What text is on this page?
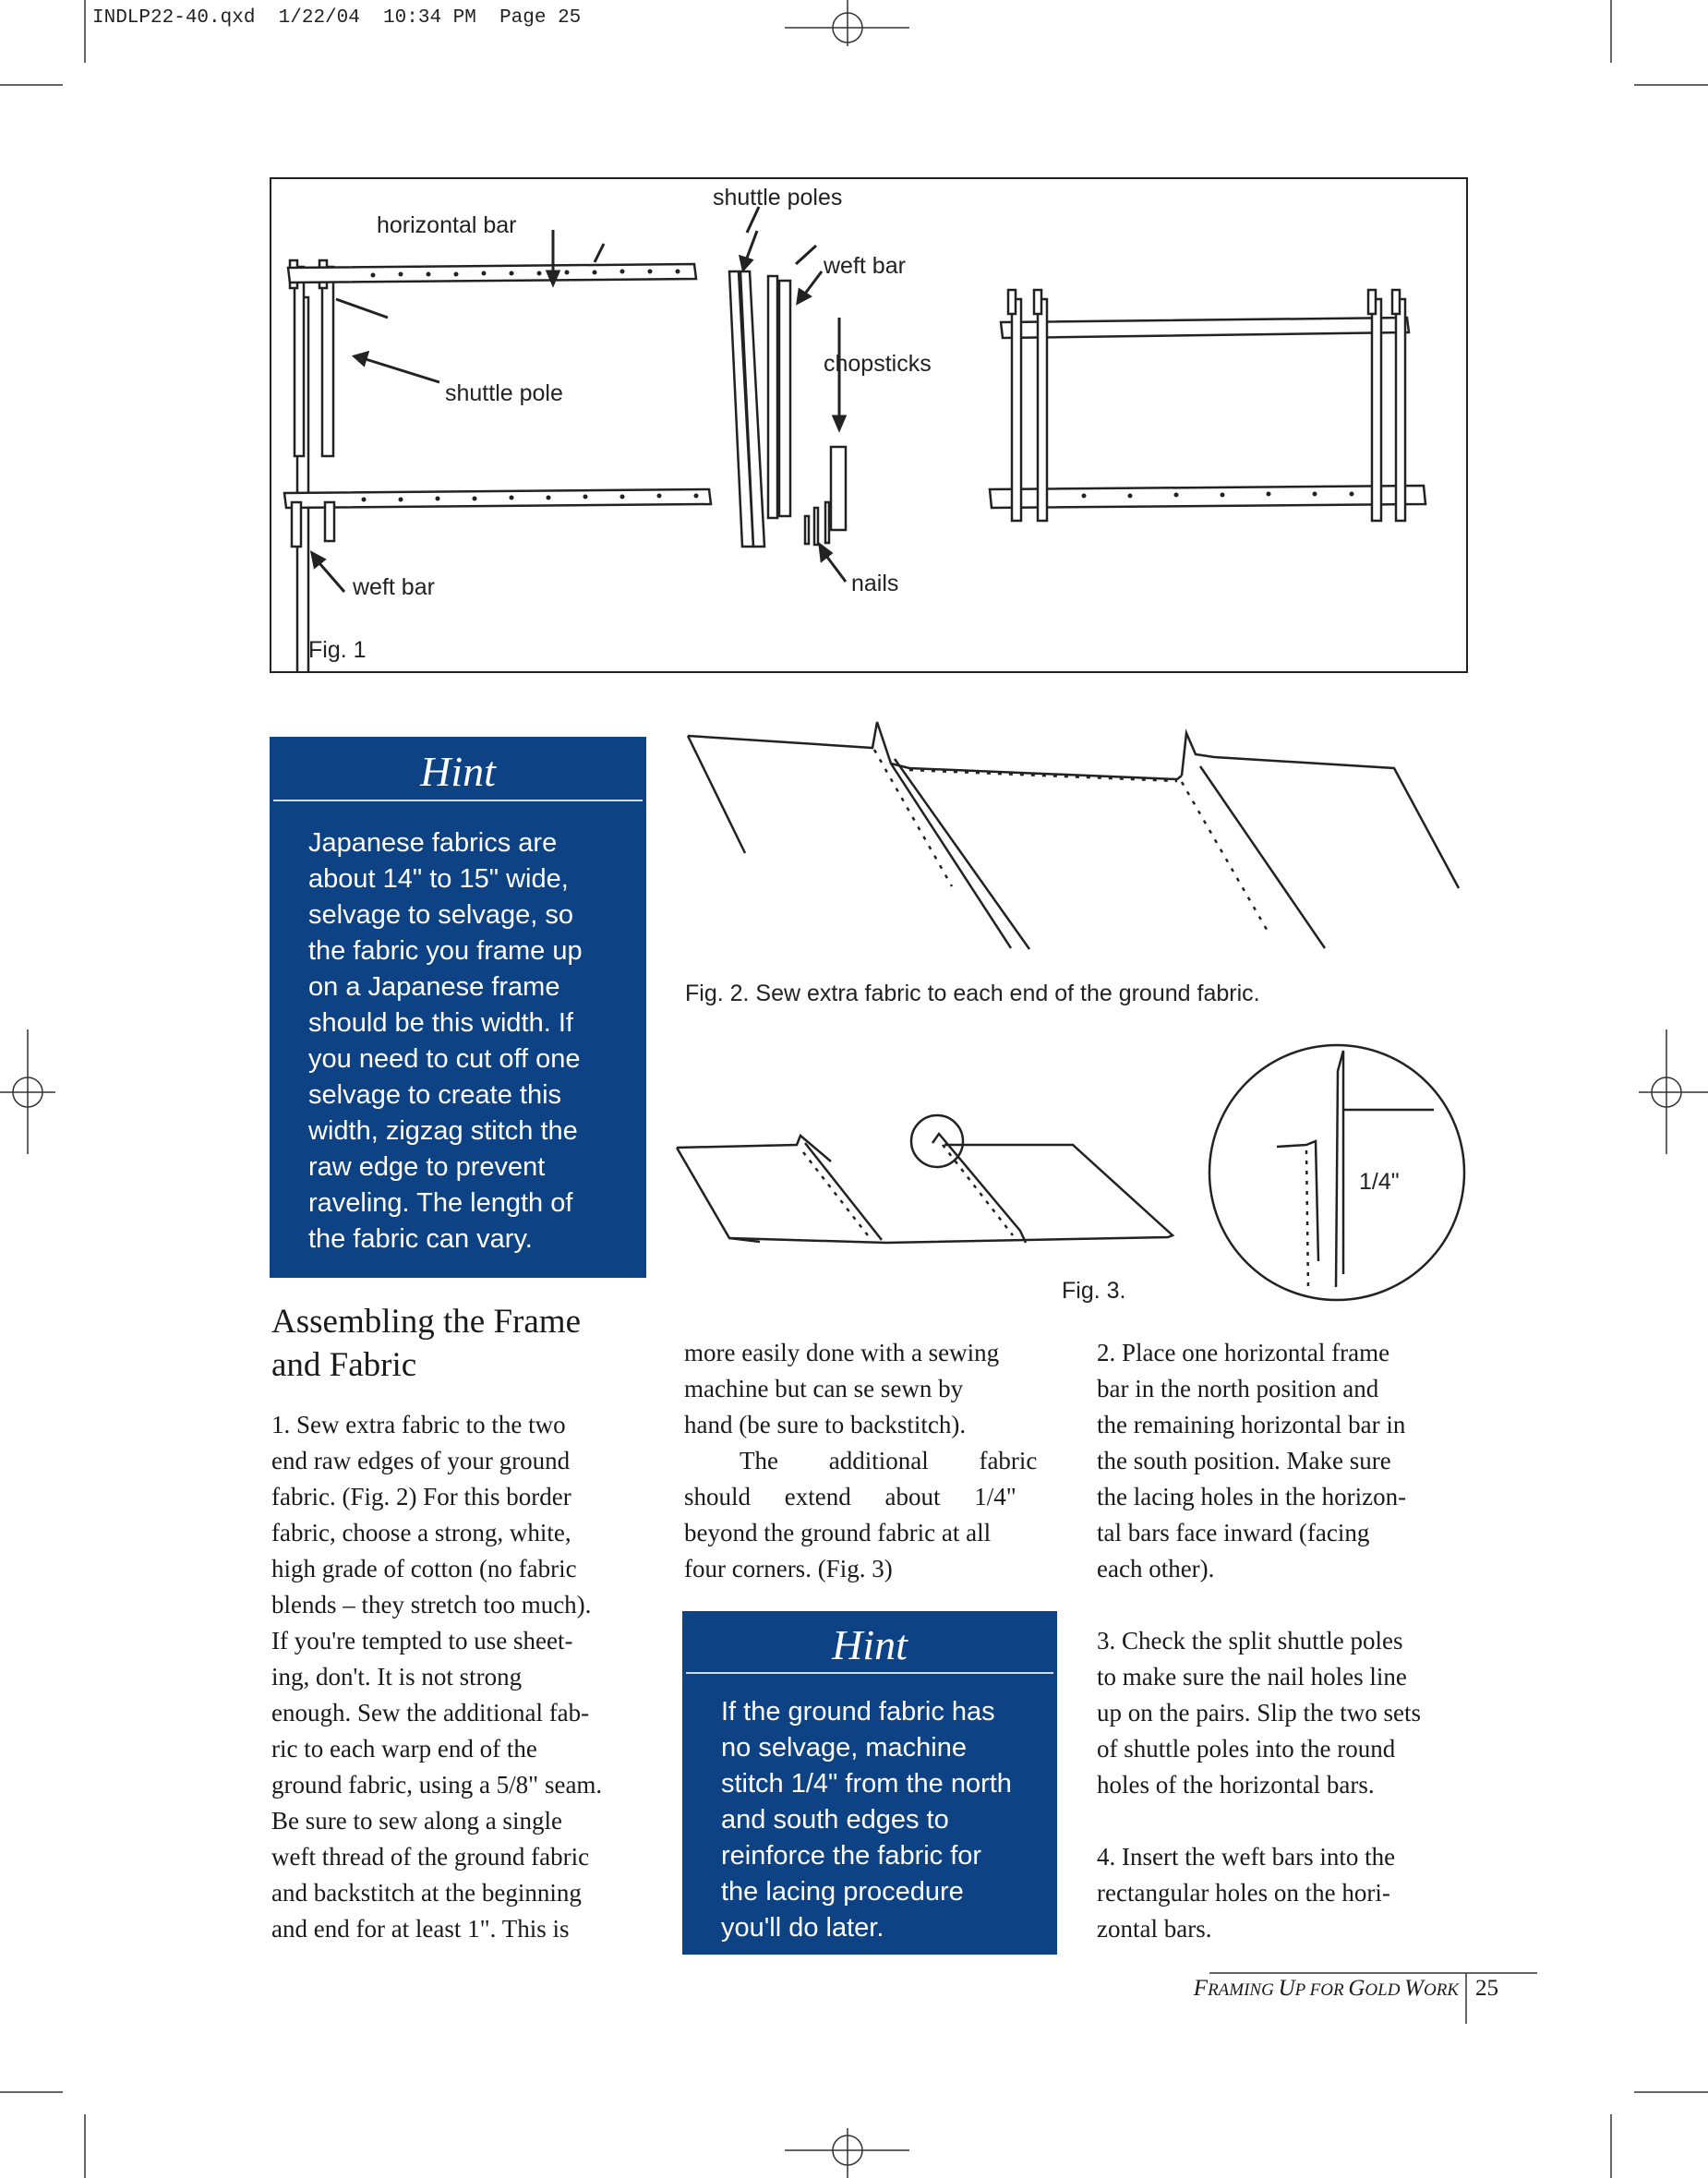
INDLP22-40.qxd  1/22/04  10:34 PM  Page 25
horizontal bar
shuttle poles
weft bar
shuttle pole
chopsticks
weft bar	nails
Fig. 1
Hint
Japanese fabrics are
about 14" to 15" wide,
selvage to selvage, so
the fabric you frame up
on a Japanese frame
should be this width. If
you need to cut off one
selvage to create this
width, zigzag stitch the
raw edge to prevent
raveling. The length of
the fabric can vary.
Fig. 2. Sew extra fabric to each end of the ground fabric.
1/4"
Fig. 3.
Assembling the Frame
and Fabric

1. Sew extra fabric to the two

end raw edges of your ground

fabric. (Fig. 2) For this border

fabric, choose a strong, white,

high grade of cotton (no fabric

blends – they stretch too much).

If you're tempted to use sheet-

ing, don't. It is not strong

enough. Sew the additional fab-

ric to each warp end of the

ground fabric, using a 5/8" seam.

Be sure to sew along a single

weft thread of the ground fabric

and backstitch at the beginning

and end for at least 1". This is

more easily done with a sewing

machine but can se sewn by

hand (be sure to backstitch).

The additional fabric

should extend about 1/4"

beyond the ground fabric at all

four corners. (Fig. 3)

Hint
If the ground fabric has
no selvage, machine
stitch 1/4" from the north
and south edges to
reinforce the fabric for
the lacing procedure
you'll do later.

2. Place one horizontal frame

bar in the north position and

the remaining horizontal bar in

the south position. Make sure

the lacing holes in the horizon-

tal bars face inward (facing

each other).

3. Check the split shuttle poles

to make sure the nail holes line

up on the pairs. Slip the two sets

of shuttle poles into the round

holes of the horizontal bars.

4. Insert the weft bars into the

rectangular holes on the hori-

zontal bars.

FRAMING UP FOR GOLD WORK 25
